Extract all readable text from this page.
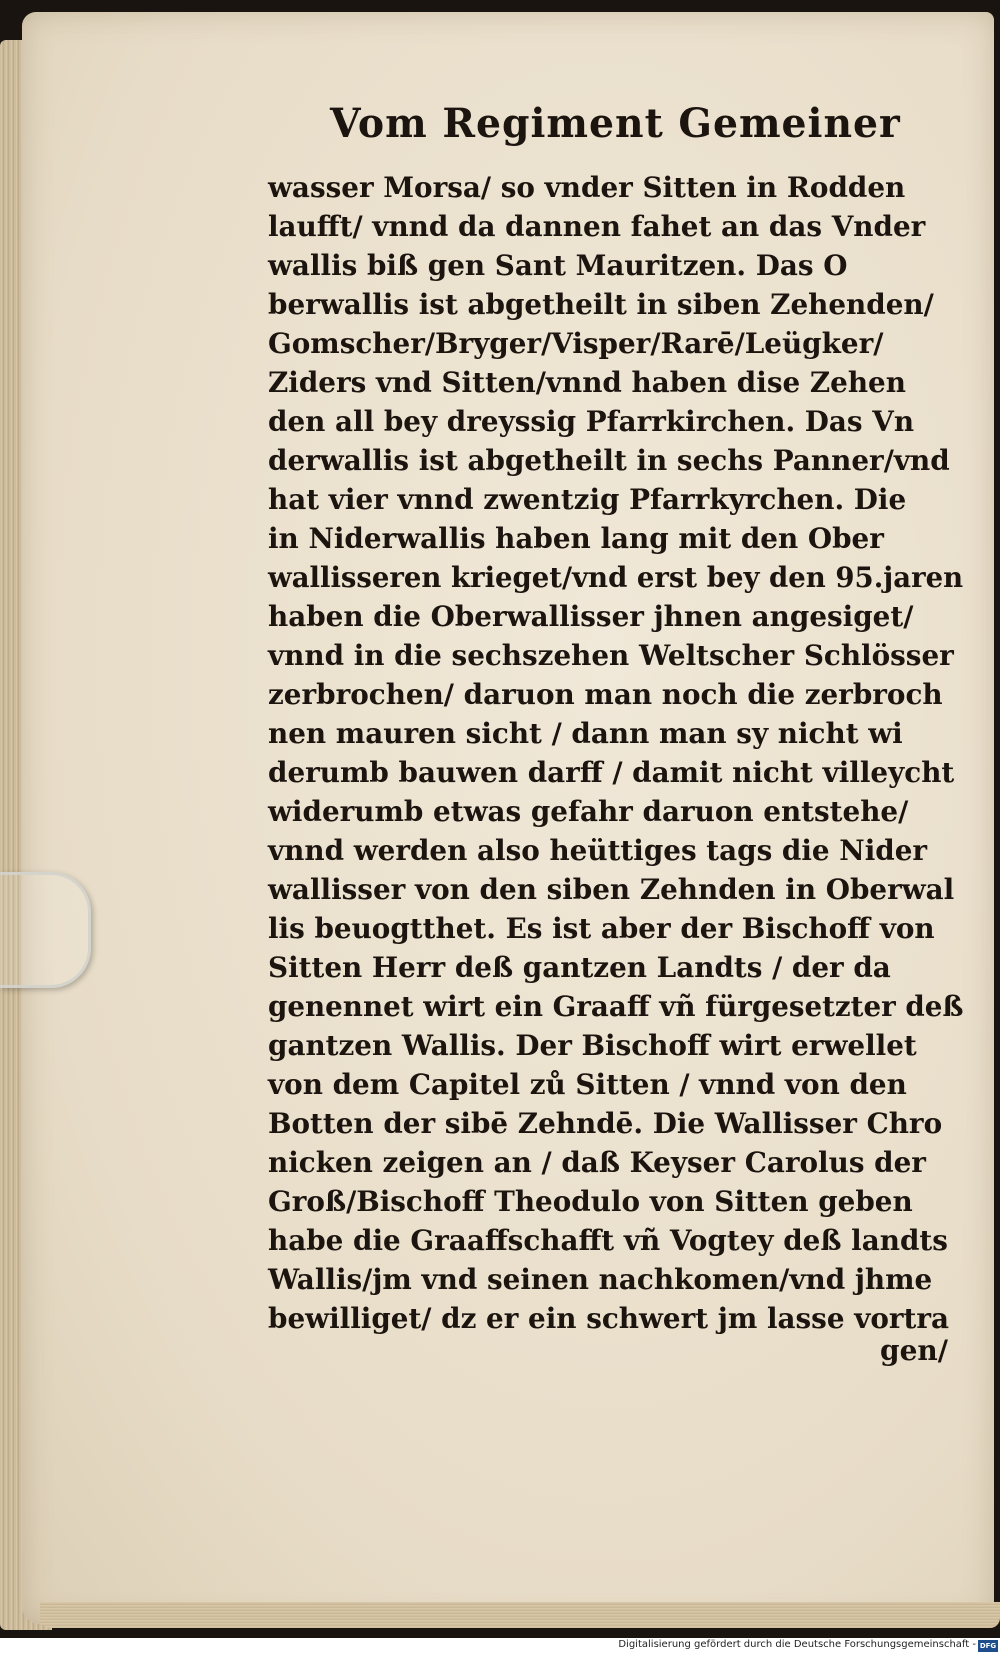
Vom Regiment Gemeiner
wasser Morsa/ so vnder Sitten in Rodden
laufft/ vnnd da dannen fahet an das Vnder
wallis biß gen Sant Mauritzen. Das O
berwallis ist abgetheilt in siben Zehenden/
Gomscher/Bryger/Visper/Rarē/Leügker/
Ziders vnd Sitten/vnnd haben dise Zehen
den all bey dreyssig Pfarrkirchen. Das Vn
derwallis ist abgetheilt in sechs Panner/vnd
hat vier vnnd zwentzig Pfarrkyrchen. Die
in Niderwallis haben lang mit den Ober
wallisseren krieget/vnd erst bey den 95.jaren
haben die Oberwallisser jhnen angesiget/
vnnd in die sechszehen Weltscher Schlösser
zerbrochen/ daruon man noch die zerbroch
nen mauren sicht / dann man sy nicht wi
derumb bauwen darff / damit nicht villeycht
widerumb etwas gefahr daruon entstehe/
vnnd werden also heüttiges tags die Nider
wallisser von den siben Zehnden in Oberwal
lis beuogtthet. Es ist aber der Bischoff von
Sitten Herr deß gantzen Landts / der da
genennet wirt ein Graaff vñ fürgesetzter deß
gantzen Wallis. Der Bischoff wirt erwellet
von dem Capitel zů Sitten / vnnd von den
Botten der sibē Zehndē. Die Wallisser Chro
nicken zeigen an / daß Keyser Carolus der
Groß/Bischoff Theodulo von Sitten geben
habe die Graaffschafft vñ Vogtey deß landts
Wallis/jm vnd seinen nachkomen/vnd jhme
bewilliget/ dz er ein schwert jm lasse vortra
gen/
Digitalisierung gefördert durch die Deutsche Forschungsgemeinschaft - DFG
